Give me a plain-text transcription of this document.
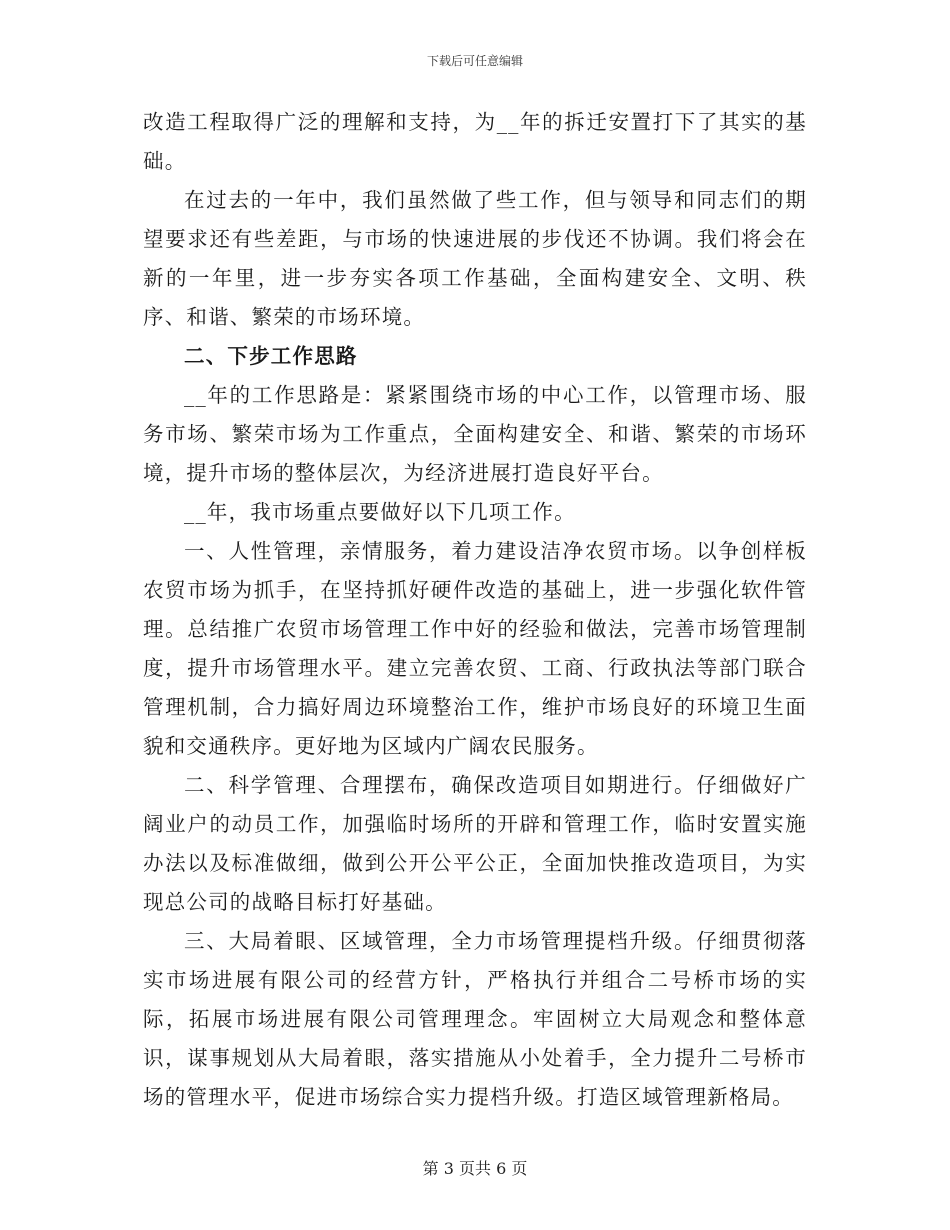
下载后可任意编辑

改造工程取得广泛的理解和支持，为__年的拆迁安置打下了其实的基础。

在过去的一年中，我们虽然做了些工作，但与领导和同志们的期望要求还有些差距，与市场的快速进展的步伐还不协调。我们将会在新的一年里，进一步夯实各项工作基础，全面构建安全、文明、秩序、和谐、繁荣的市场环境。

二、下步工作思路

__年的工作思路是：紧紧围绕市场的中心工作，以管理市场、服务市场、繁荣市场为工作重点，全面构建安全、和谐、繁荣的市场环境，提升市场的整体层次，为经济进展打造良好平台。

__年，我市场重点要做好以下几项工作。

一、人性管理，亲情服务，着力建设洁净农贸市场。以争创样板农贸市场为抓手，在坚持抓好硬件改造的基础上，进一步强化软件管理。总结推广农贸市场管理工作中好的经验和做法，完善市场管理制度，提升市场管理水平。建立完善农贸、工商、行政执法等部门联合管理机制，合力搞好周边环境整治工作，维护市场良好的环境卫生面貌和交通秩序。更好地为区域内广阔农民服务。

二、科学管理、合理摆布，确保改造项目如期进行。仔细做好广阔业户的动员工作，加强临时场所的开辟和管理工作，临时安置实施办法以及标准做细，做到公开公平公正，全面加快推改造项目，为实现总公司的战略目标打好基础。

三、大局着眼、区域管理，全力市场管理提档升级。仔细贯彻落实市场进展有限公司的经营方针，严格执行并组合二号桥市场的实际，拓展市场进展有限公司管理理念。牢固树立大局观念和整体意识，谋事规划从大局着眼，落实措施从小处着手，全力提升二号桥市场的管理水平，促进市场综合实力提档升级。打造区域管理新格局。

第 3 页共 6 页
